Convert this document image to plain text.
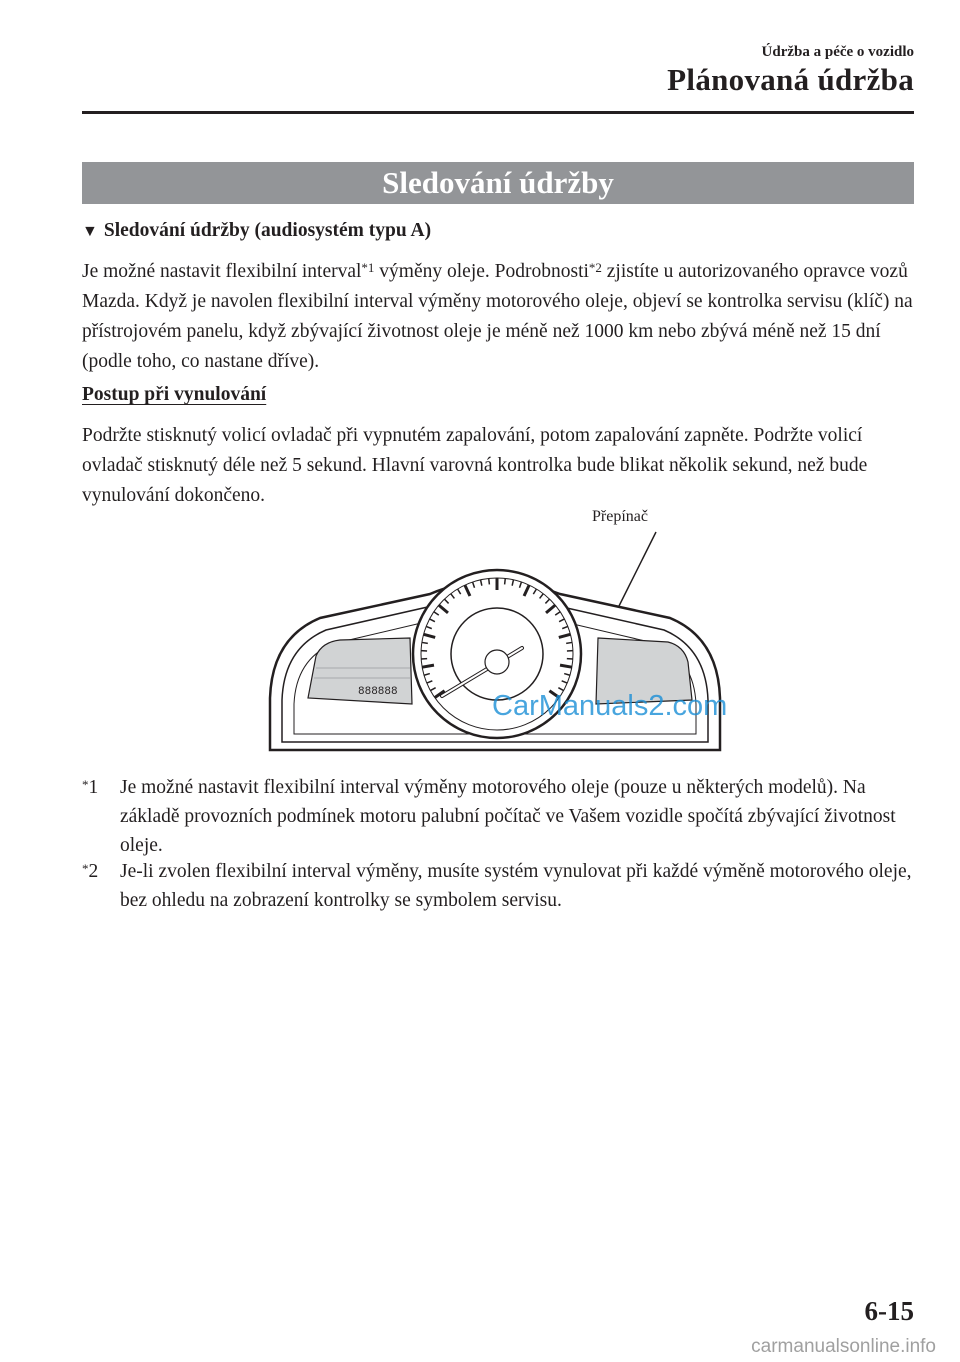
Údržba a péče o vozidlo
Plánovaná údržba
Sledování údržby
▼ Sledování údržby (audiosystém typu A)
Je možné nastavit flexibilní interval$^{*1}$ výměny oleje. Podrobnosti$^{*2}$ zjistíte u autorizovaného opravce vozů Mazda. Když je navolen flexibilní interval výměny motorového oleje, objeví se kontrolka servisu (klíč) na přístrojovém panelu, když zbývající životnost oleje je méně než 1000 km nebo zbývá méně než 15 dní (podle toho, co nastane dříve).
Postup při vynulování
Podržte stisknutý volicí ovladač při vypnutém zapalování, potom zapalování zapněte. Podržte volicí ovladač stisknutý déle než 5 sekund. Hlavní varovná kontrolka bude blikat několik sekund, než bude vynulování dokončeno.
Přepínač
888888	CarManuals2.com
*1 Je možné nastavit flexibilní interval výměny motorového oleje (pouze u některých modelů). Na základě provozních podmínek motoru palubní počítač ve Vašem vozidle spočítá zbývající životnost oleje.
*2 Je-li zvolen flexibilní interval výměny, musíte systém vynulovat při každé výměně motorového oleje, bez ohledu na zobrazení kontrolky se symbolem servisu.
6-15
carmanualsonline.info
